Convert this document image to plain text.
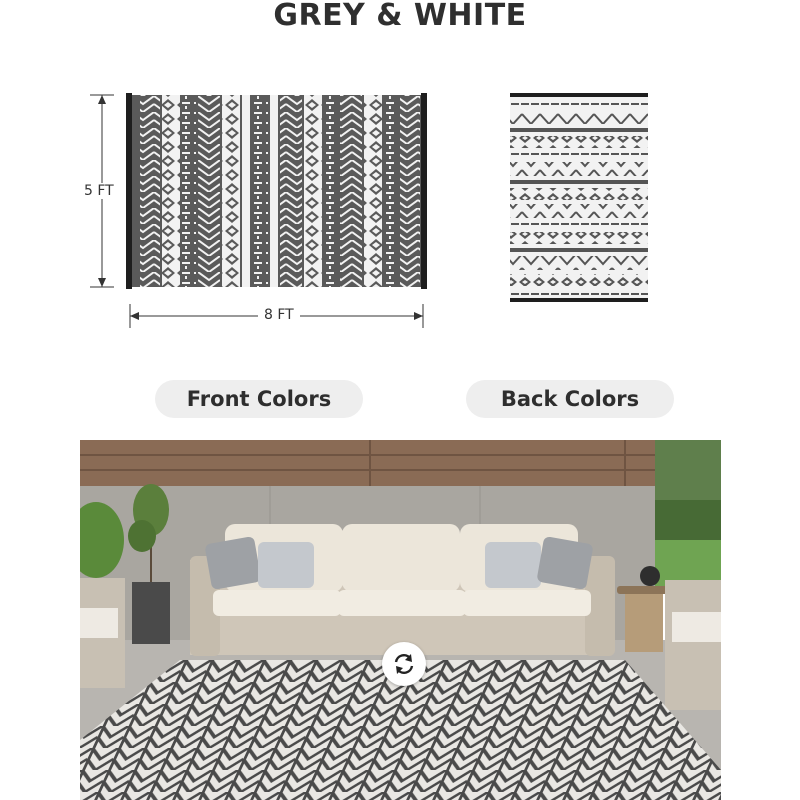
GREY & WHITE
5 FT
8 FT
Front Colors	Back Colors
